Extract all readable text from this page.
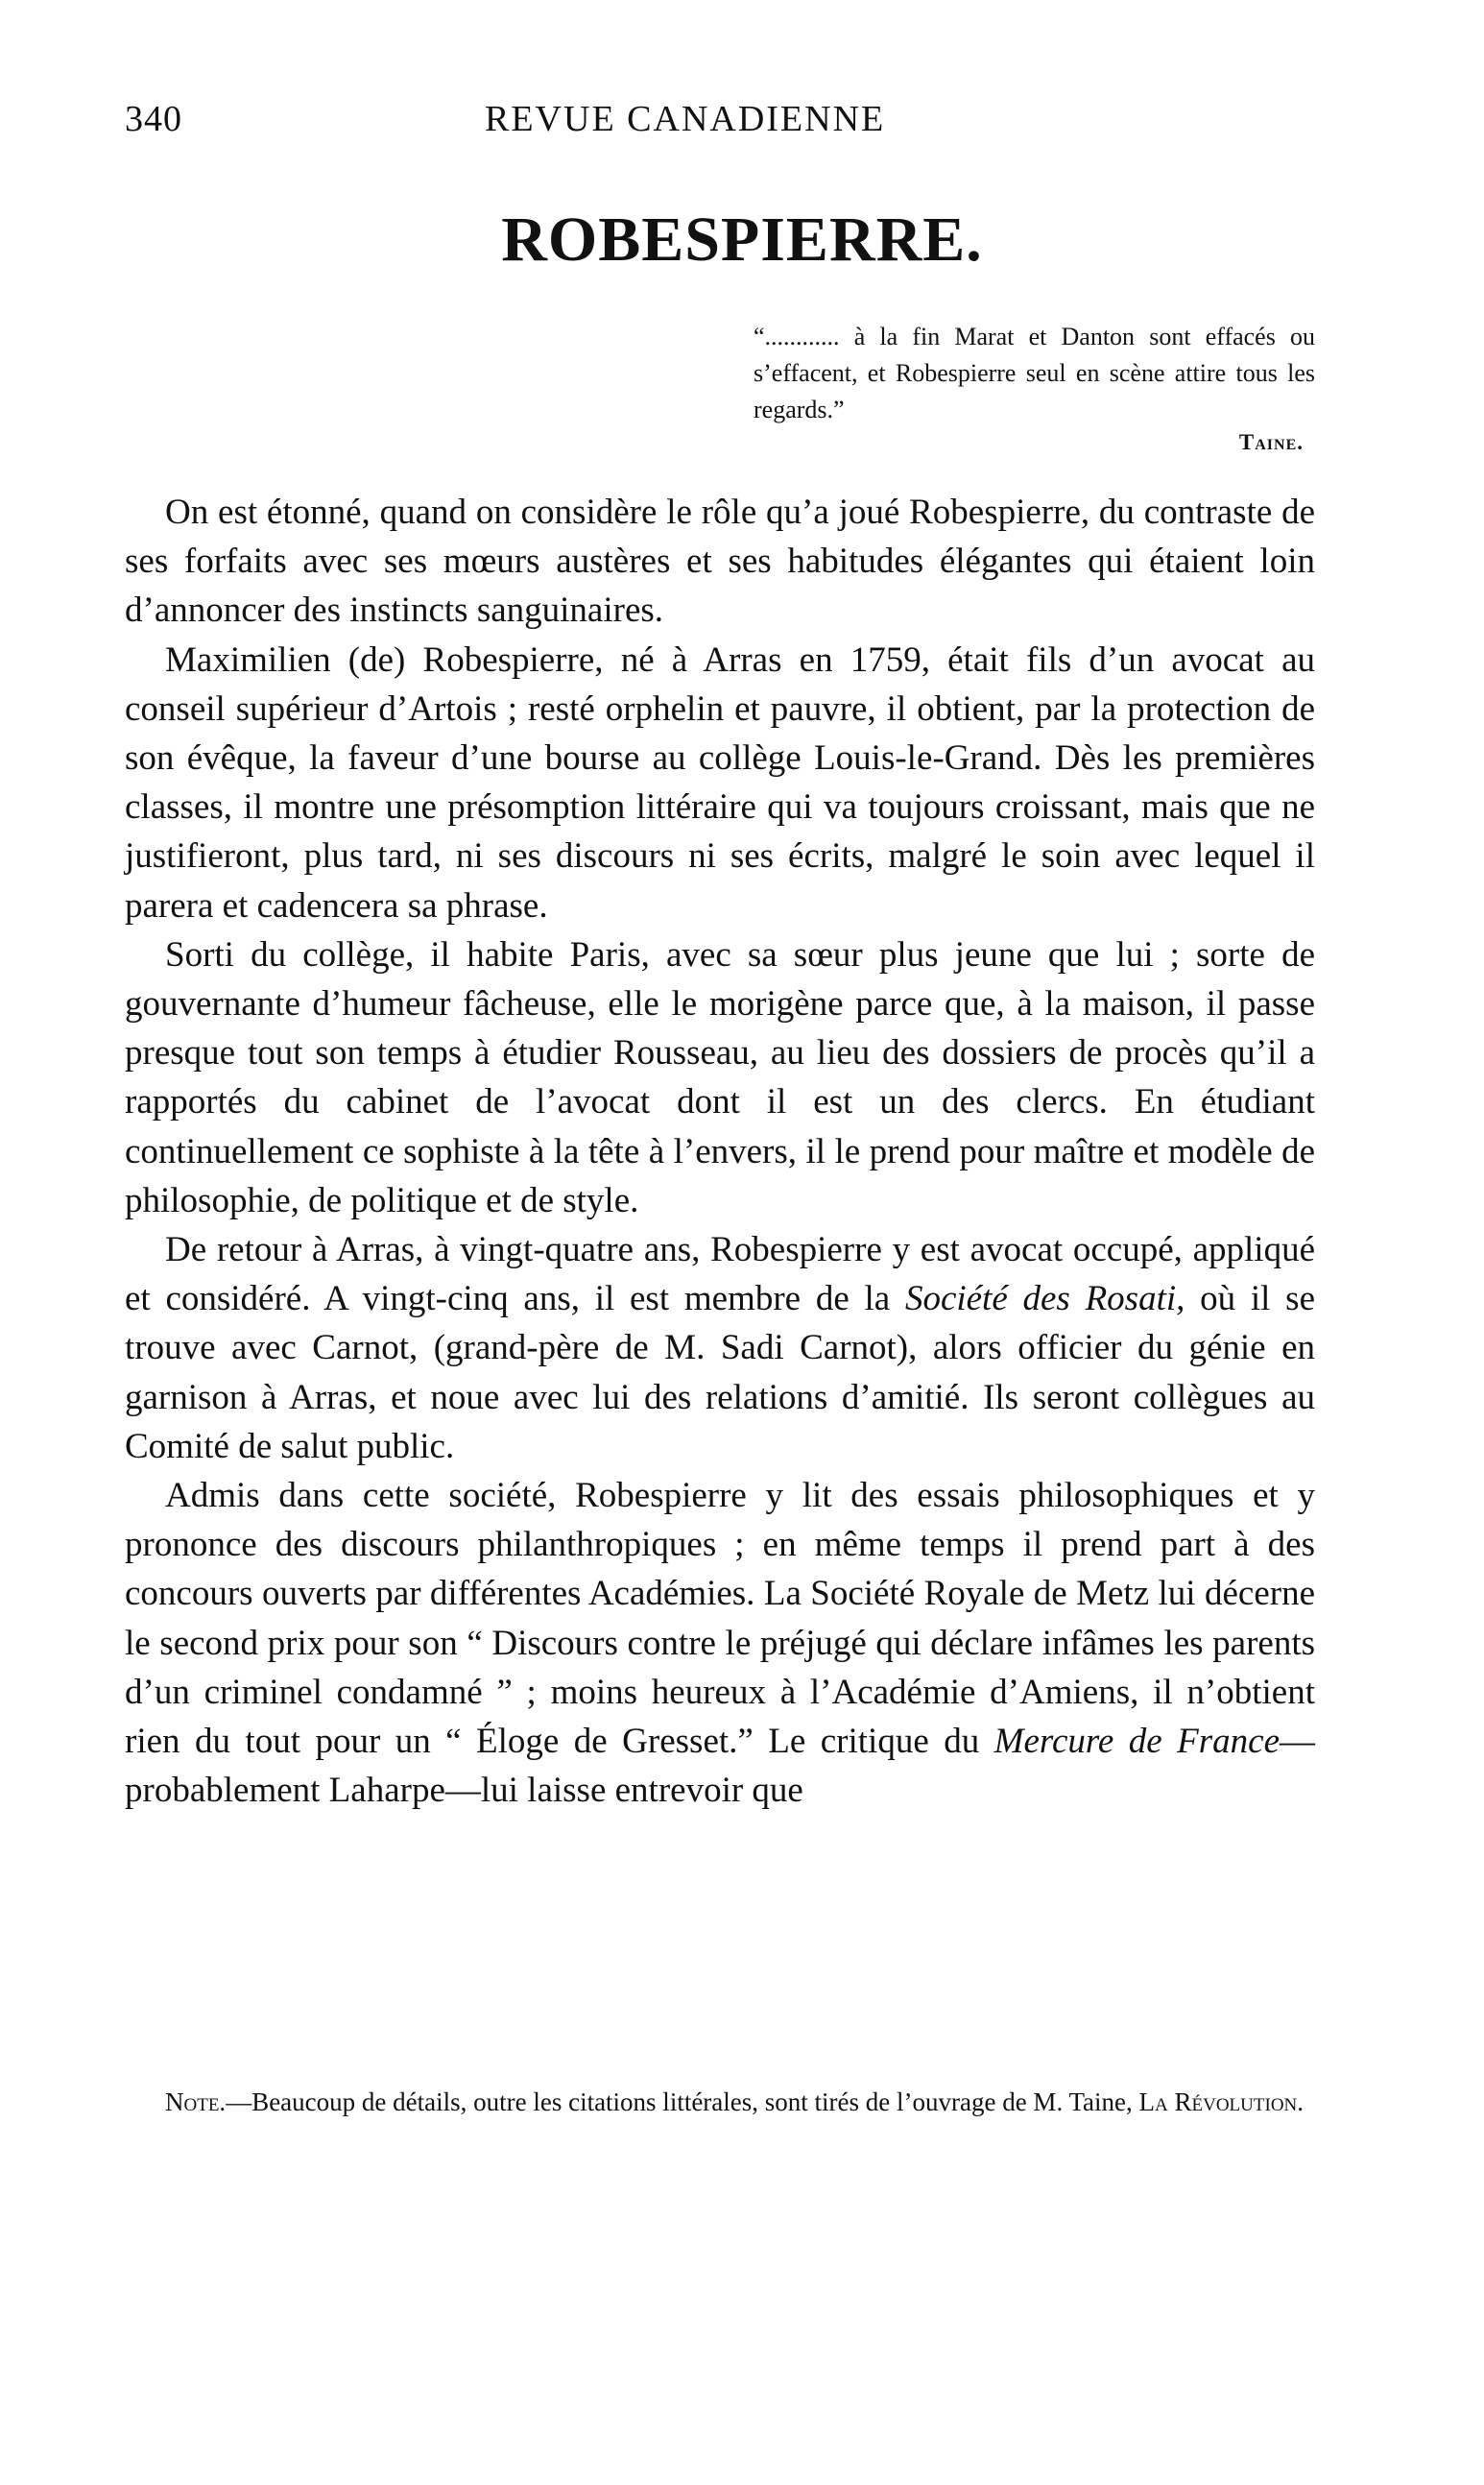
340	REVUE CANADIENNE
ROBESPIERRE.
“............ à la fin Marat et Danton sont effacés ou s’effacent, et Robespierre seul en scène attire tous les regards.”
Taine.

On est étonné, quand on considère le rôle qu’a joué Robespierre, du contraste de ses forfaits avec ses mœurs austères et ses habitudes élégantes qui étaient loin d’annoncer des instincts sanguinaires.

Maximilien (de) Robespierre, né à Arras en 1759, était fils d’un avocat au conseil supérieur d’Artois ; resté orphelin et pauvre, il obtient, par la protection de son évêque, la faveur d’une bourse au collège Louis-le-Grand. Dès les premières classes, il montre une présomption littéraire qui va toujours croissant, mais que ne justifieront, plus tard, ni ses discours ni ses écrits, malgré le soin avec lequel il parera et cadencera sa phrase.

Sorti du collège, il habite Paris, avec sa sœur plus jeune que lui ; sorte de gouvernante d’humeur fâcheuse, elle le morigène parce que, à la maison, il passe presque tout son temps à étudier Rousseau, au lieu des dossiers de procès qu’il a rapportés du cabinet de l’avocat dont il est un des clercs. En étudiant continuellement ce sophiste à la tête à l’envers, il le prend pour maître et modèle de philosophie, de politique et de style.

De retour à Arras, à vingt-quatre ans, Robespierre y est avocat occupé, appliqué et considéré. A vingt-cinq ans, il est membre de la Société des Rosati, où il se trouve avec Carnot, (grand-père de M. Sadi Carnot), alors officier du génie en garnison à Arras, et noue avec lui des relations d’amitié. Ils seront collègues au Comité de salut public.

Admis dans cette société, Robespierre y lit des essais philosophiques et y prononce des discours philanthropiques ; en même temps il prend part à des concours ouverts par différentes Académies. La Société Royale de Metz lui décerne le second prix pour son “ Discours contre le préjugé qui déclare infâmes les parents d’un criminel condamné ” ; moins heureux à l’Académie d’Amiens, il n’obtient rien du tout pour un “ Éloge de Gresset.” Le critique du Mercure de France—probablement Laharpe—lui laisse entrevoir que

Note.—Beaucoup de détails, outre les citations littérales, sont tirés de l’ouvrage de M. Taine, La Révolution.
